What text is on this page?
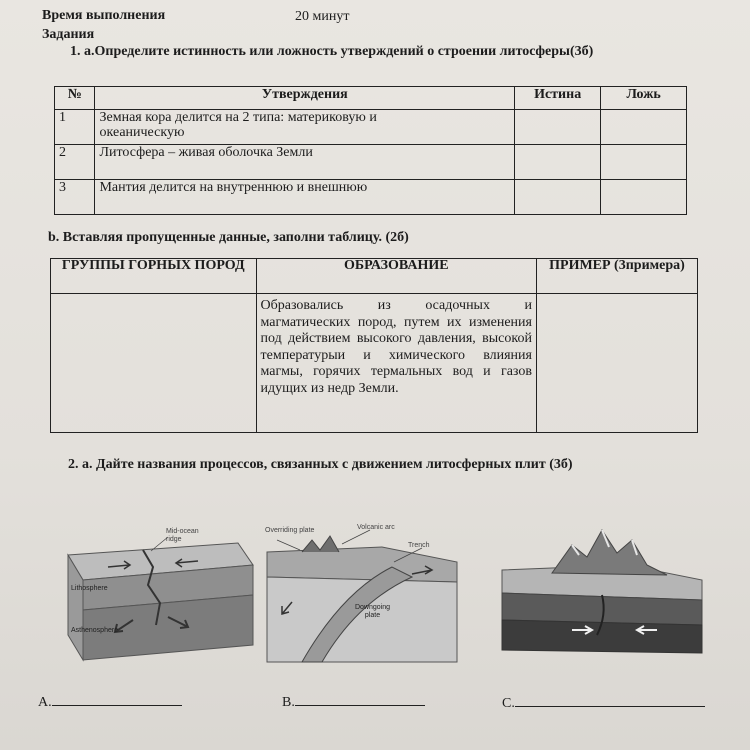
Время выполнения	20 минут
Задания
1. а.Определите истинность или ложность утверждений о строении литосферы(3б)
№	Утверждения	Истина	Ложь
1	Земная кора делится на 2 типа: материковую и
океаническую		

2	Литосфера – живая оболочка Земли		
3	Мантия делится на внутреннюю и внешнюю		
b. Вставляя пропущенные данные, заполни таблицу. (2б)
ГРУППЫ ГОРНЫХ ПОРОД	ОБРАЗОВАНИЕ	ПРИМЕР (3примера)
	Образовались из осадочных и магматических пород, путем их изменения под действием высокого давления, высокой температурыи и химического влияния магмы, горячих термальных вод и газов идущих из недр Земли.	
2. а. Дайте названия процессов, связанных с движением литосферных плит (3б)
Mid-ocean ridge
Lithosphere
Asthenosphere
Overriding plate	Volcanic arc
Trench
Downgoing plate
А.	B.	C.
